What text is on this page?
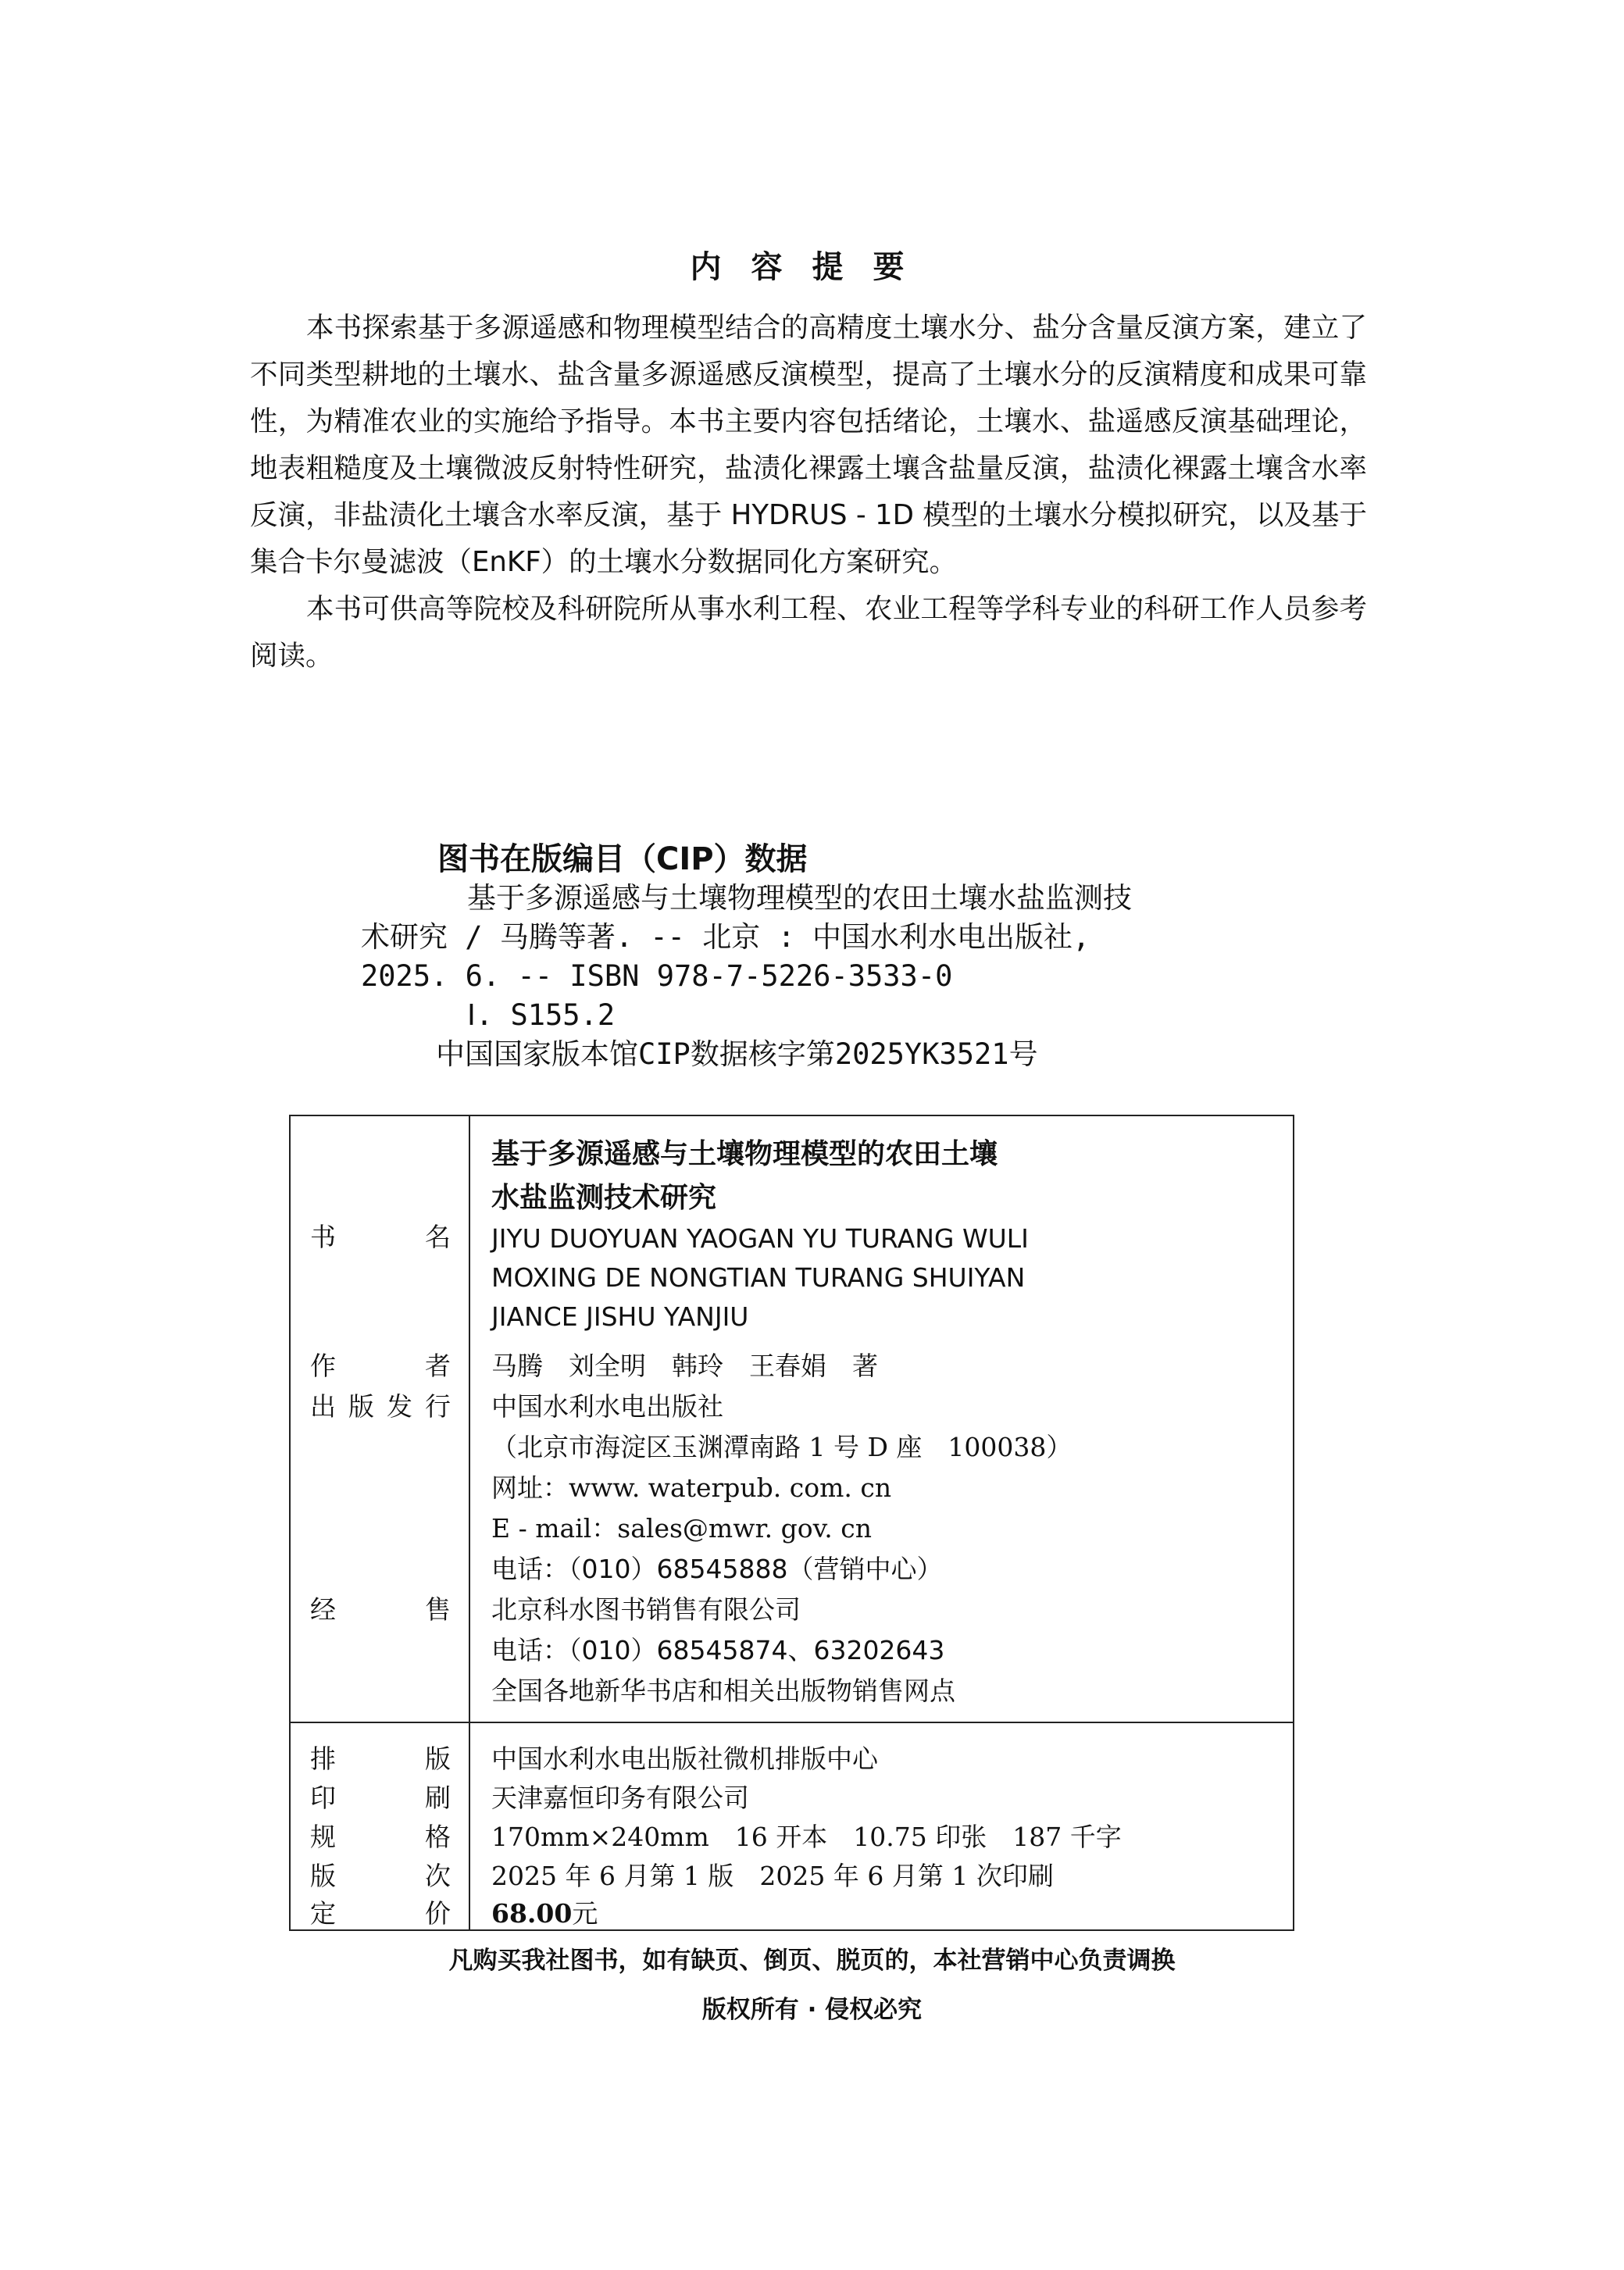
内容提要

本书探索基于多源遥感和物理模型结合的高精度土壤水分、盐分含量反演方案，建立了不同类型耕地的土壤水、盐含量多源遥感反演模型，提高了土壤水分的反演精度和成果可靠性，为精准农业的实施给予指导。本书主要内容包括绪论，土壤水、盐遥感反演基础理论，地表粗糙度及土壤微波反射特性研究，盐渍化裸露土壤含盐量反演，盐渍化裸露土壤含水率反演，非盐渍化土壤含水率反演，基于 HYDRUS - 1D 模型的土壤水分模拟研究，以及基于集合卡尔曼滤波（EnKF）的土壤水分数据同化方案研究。

本书可供高等院校及科研院所从事水利工程、农业工程等学科专业的科研工作人员参考阅读。

图书在版编目（CIP）数据
基于多源遥感与土壤物理模型的农田土壤水盐监测技
术研究 / 马腾等著. -- 北京 : 中国水利水电出版社,
2025. 6. -- ISBN 978-7-5226-3533-0
Ⅰ. S155.2
中国国家版本馆CIP数据核字第2025YK3521号
书	名
基于多源遥感与土壤物理模型的农田土壤
水盐监测技术研究
JIYU DUOYUAN YAOGAN YU TURANG WULI
MOXING DE NONGTIAN TURANG SHUIYAN
JIANCE JISHU YANJIU
作	者 马腾　刘全明　韩玲　王春娟　著
出 版 发 行 中国水利水电出版社
（北京市海淀区玉渊潭南路 1 号 D 座　100038）
网址：www. waterpub. com. cn
E - mail：sales@mwr. gov. cn
电话：（010）68545888（营销中心）
经	售 北京科水图书销售有限公司
电话：（010）68545874、63202643
全国各地新华书店和相关出版物销售网点
排	版 中国水利水电出版社微机排版中心
印	刷 天津嘉恒印务有限公司
规	格 170mm×240mm　16 开本　10.75 印张　187 千字
版	次 2025 年 6 月第 1 版　2025 年 6 月第 1 次印刷
定	价 68.00元
凡购买我社图书，如有缺页、倒页、脱页的，本社营销中心负责调换
版权所有 · 侵权必究
